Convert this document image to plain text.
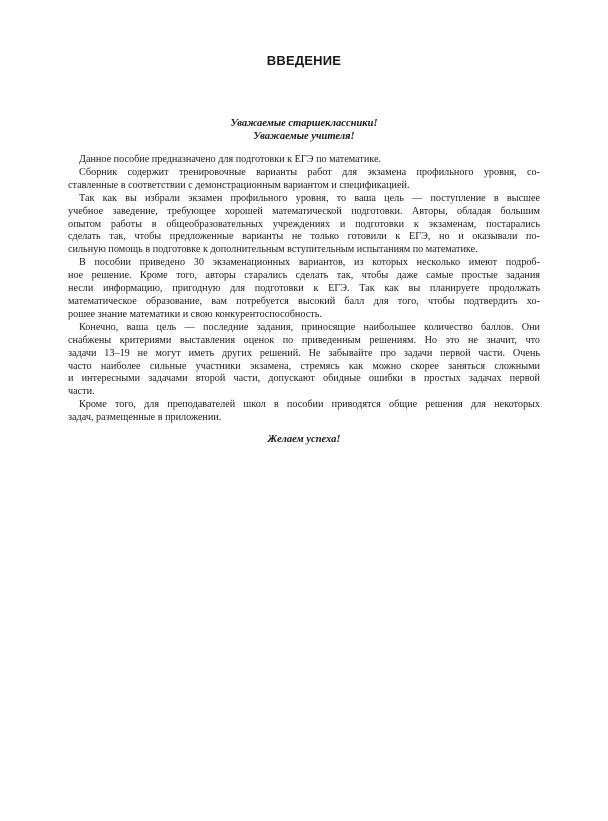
ВВЕДЕНИЕ
Уважаемые старшеклассники!
Уважаемые учителя!
Данное пособие предназначено для подготовки к ЕГЭ по математике.
Сборник содержит тренировочные варианты работ для экзамена профильного уровня, со-
ставленные в соответствии с демонстрационным вариантом и спецификацией.
Так как вы избрали экзамен профильного уровня, то ваша цель — поступление в высшее
учебное заведение, требующее хорошей математической подготовки. Авторы, обладая большим
опытом работы в общеобразовательных учреждениях и подготовки к экзаменам, постарались
сделать так, чтобы предложенные варианты не только готовили к ЕГЭ, но и оказывали по-
сильную помощь в подготовке к дополнительным вступительным испытаниям по математике.
В пособии приведено 30 экзаменационных вариантов, из которых несколько имеют подроб-
ное решение. Кроме того, авторы старались сделать так, чтобы даже самые простые задания
несли информацию, пригодную для подготовки к ЕГЭ. Так как вы планируете продолжать
математическое образование, вам потребуется высокий балл для того, чтобы подтвердить хо-
рошее знание математики и свою конкурентоспособность.
Конечно, ваша цель — последние задания, приносящие наибольшее количество баллов. Они
снабжены критериями выставления оценок по приведенным решениям. Но это не значит, что
задачи 13–19 не могут иметь других решений. Не забывайте про задачи первой части. Очень
часто наиболее сильные участники экзамена, стремясь как можно скорее заняться сложными
и интересными задачами второй части, допускают обидные ошибки в простых задачах первой
части.
Кроме того, для преподавателей школ в пособии приводятся общие решения для некоторых
задач, размещенные в приложении.
Желаем успеха!
